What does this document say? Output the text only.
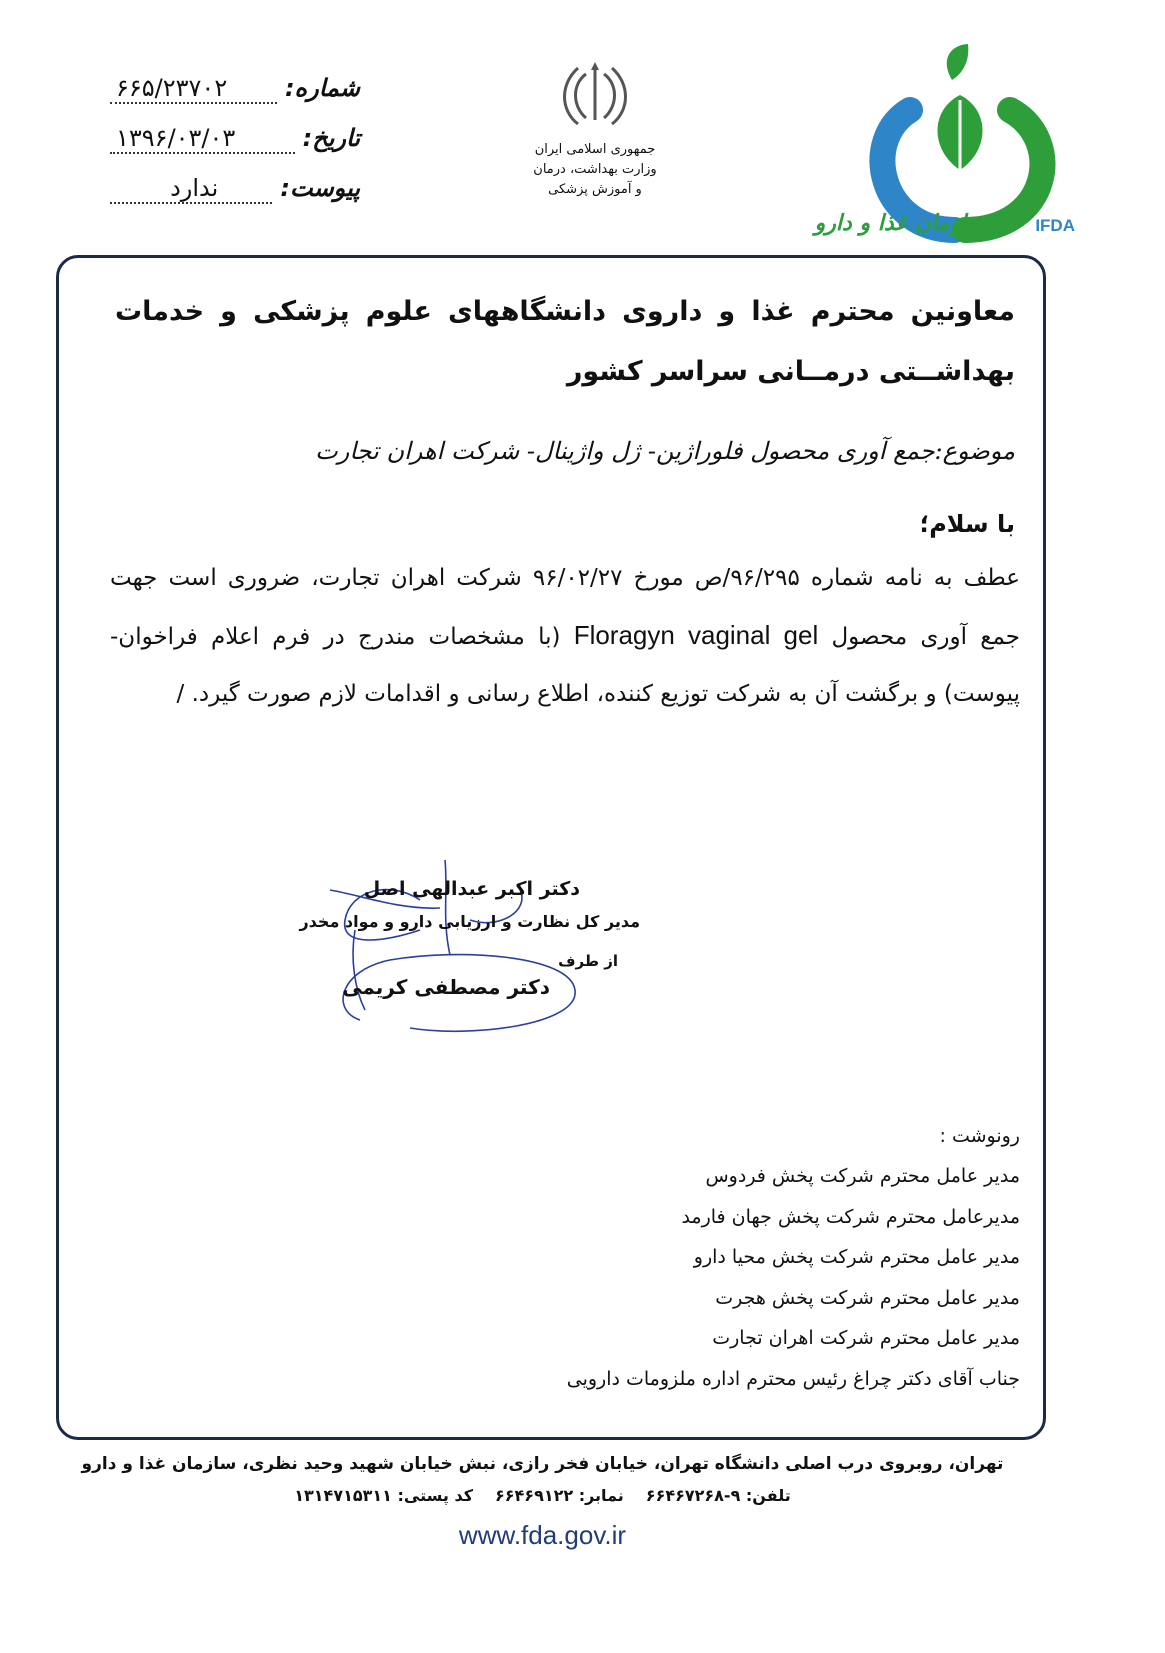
شماره:
۶۶۵/۲۳۷۰۲
تاریخ:
۱۳۹۶/۰۳/۰۳
پیوست:
ندارد
جمهوری اسلامی ایران
وزارت بهداشت، درمان
و آموزش پزشکی
سازمان غذا و دارو	IFDA
معاونین محترم غذا و داروی دانشگاههای علوم پزشکی و خدمات بهداشــتی درمــانی سراسر کشور
موضوع:جمع آوری محصول فلوراژین- ژل واژینال- شرکت اهران تجارت
با سلام؛
عطف به نامه شماره ۹۶/۲۹۵/ص مورخ ۹۶/۰۲/۲۷ شرکت اهران تجارت، ضروری است جهت جمع آوری محصول Floragyn vaginal gel (با مشخصات مندرج در فرم اعلام فراخوان-پیوست) و برگشت آن به شرکت توزیع کننده، اطلاع رسانی و اقدامات لازم صورت گیرد. /
دکتر اکبر عبدالهی اصل
مدیر کل نظارت و ارزیابی دارو و مواد مخدر
از طرف
دکتر مصطفی کریمی
رونوشت :
مدیر عامل محترم شرکت پخش فردوس
مدیرعامل محترم شرکت پخش جهان فارمد
مدیر عامل محترم شرکت پخش محیا دارو
مدیر عامل محترم شرکت پخش هجرت
مدیر عامل محترم شرکت اهران تجارت
جناب آقای دکتر چراغ رئیس محترم اداره ملزومات دارویی
تهران، روبروی درب اصلی دانشگاه تهران، خیابان فخر رازی، نبش خیابان شهید وحید نظری، سازمان غذا و دارو
تلفن: ۹-۶۶۴۶۷۲۶۸
نمابر: ۶۶۴۶۹۱۲۲
کد پستی: ۱۳۱۴۷۱۵۳۱۱
www.fda.gov.ir
